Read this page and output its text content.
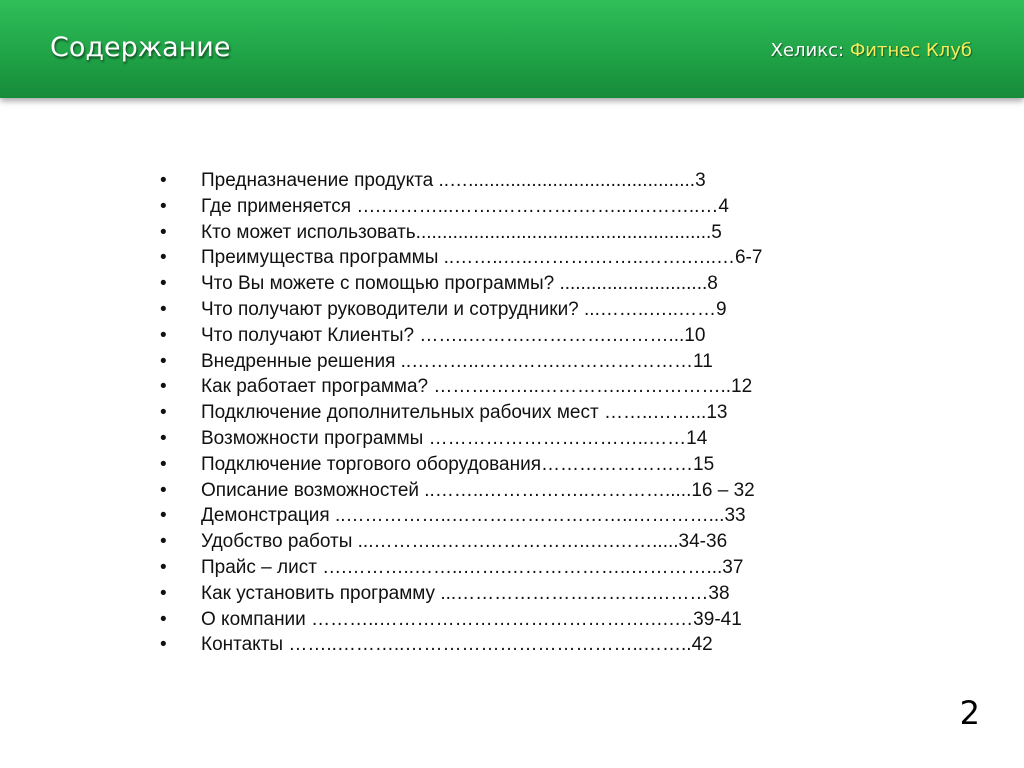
Содержание	Хеликс: Фитнес Клуб
•	Предназначение продукта ..…...........................................3
•	Где применяется ….………...…….………….……..….……..…4
•	Кто может использовать........................................................5
•	Преимущества программы ..……..…..……….……..…….…..…6-7
•	Что Вы можете с помощью программы? ............................8
•	Что получают руководители и сотрудники? ...……..…..……9
•	Что получают Клиенты? ……..……….………….………...10
•	Внедренные решения ..………..………….…………………11
•	Как работает программа? ……………..…………..……………..12
•	Подключение дополнительных рабочих мест ……..……...13
•	Возможности программы ……………………………..……14
•	Подключение торгового оборудования……………………15
•	Описание возможностей ..……..……………..………….....16 – 32
•	Демонстрация ..……………..………………………..…………...33
•	Удобство работы ...………..…….……………..….…….....34-36
•	Прайс – лист ….………..……..…….………………..…………...37
•	Как установить программу ...………………………….………38
•	О компании ………..…………………………………….….…39-41
•	Контакты ……..………..………………………………..……..42
2
